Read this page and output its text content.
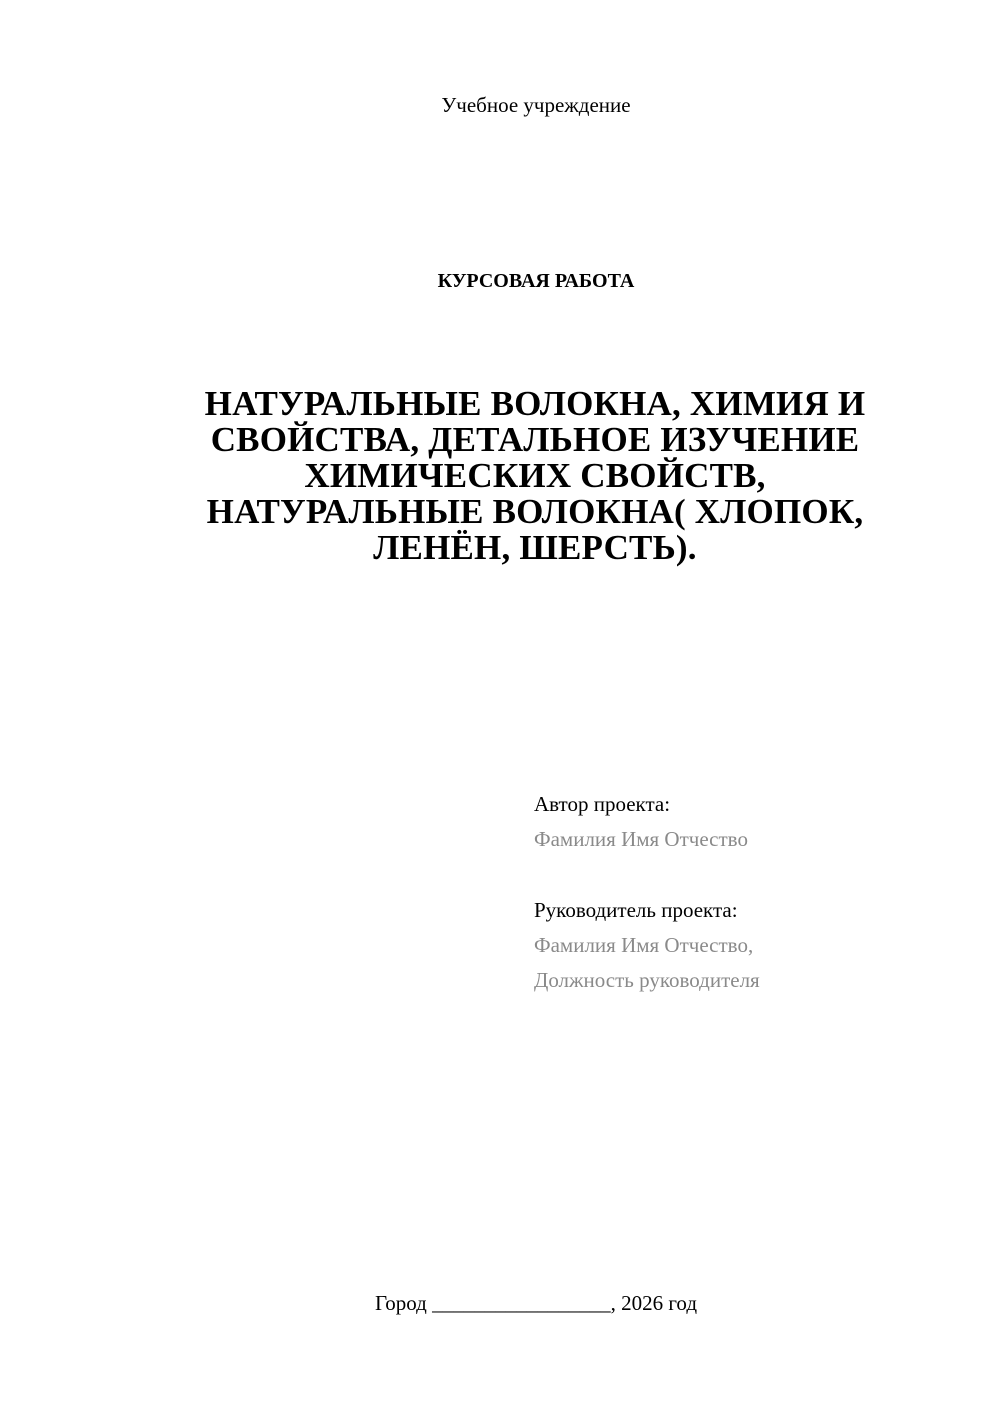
Учебное учреждение
КУРСОВАЯ РАБОТА
НАТУРАЛЬНЫЕ ВОЛОКНА, ХИМИЯ И
СВОЙСТВА, ДЕТАЛЬНОЕ ИЗУЧЕНИЕ
ХИМИЧЕСКИХ СВОЙСТВ,
НАТУРАЛЬНЫЕ ВОЛОКНА( ХЛОПОК,
ЛЕНЁН, ШЕРСТЬ).
Автор проекта:
Фамилия Имя Отчество
Руководитель проекта:
Фамилия Имя Отчество,
Должность руководителя
Город _________________, 2026 год
